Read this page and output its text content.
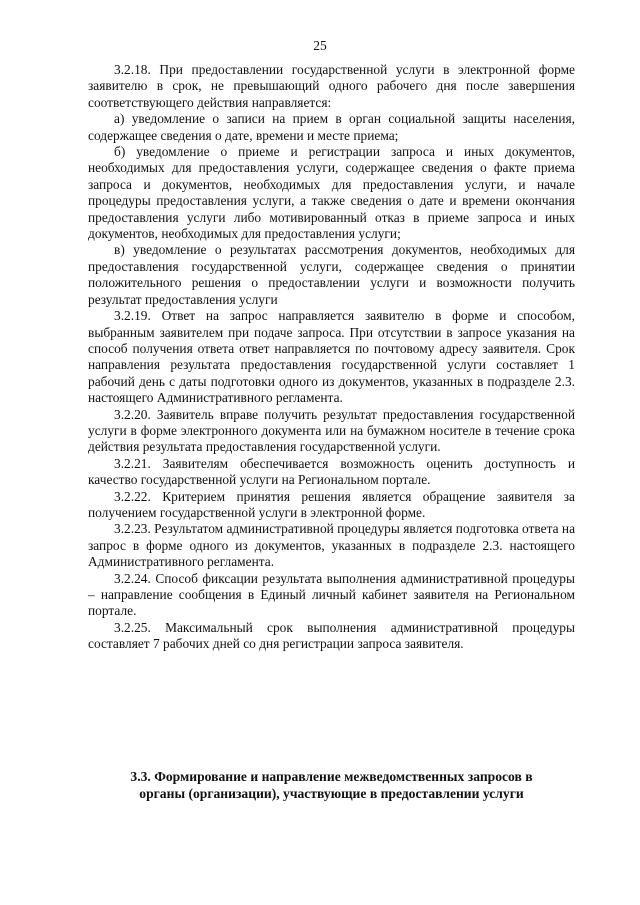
25

3.2.18. При предоставлении государственной услуги в электронной форме заявителю в срок, не превышающий одного рабочего дня после завершения соответствующего действия направляется:

а) уведомление о записи на прием в орган социальной защиты населения, содержащее сведения о дате, времени и месте приема;

б) уведомление о приеме и регистрации запроса и иных документов, необходимых для предоставления услуги, содержащее сведения о факте приема запроса и документов, необходимых для предоставления услуги, и начале процедуры предоставления услуги, а также сведения о дате и времени окончания предоставления услуги либо мотивированный отказ в приеме запроса и иных документов, необходимых для предоставления услуги;

в) уведомление о результатах рассмотрения документов, необходимых для предоставления государственной услуги, содержащее сведения о принятии положительного решения о предоставлении услуги и возможности получить результат предоставления услуги

3.2.19. Ответ на запрос направляется заявителю в форме и способом, выбранным заявителем при подаче запроса. При отсутствии в запросе указания на способ получения ответа ответ направляется по почтовому адресу заявителя. Срок направления результата предоставления государственной услуги составляет 1 рабочий день с даты подготовки одного из документов, указанных в подразделе 2.3. настоящего Административного регламента.

3.2.20. Заявитель вправе получить результат предоставления государственной услуги в форме электронного документа или на бумажном носителе в течение срока действия результата предоставления государственной услуги.

3.2.21. Заявителям обеспечивается возможность оценить доступность и качество государственной услуги на Региональном портале.

3.2.22. Критерием принятия решения является обращение заявителя за получением государственной услуги в электронной форме.

3.2.23. Результатом административной процедуры является подготовка ответа на запрос в форме одного из документов, указанных в подразделе 2.3. настоящего Административного регламента.

3.2.24. Способ фиксации результата выполнения административной процедуры – направление сообщения в Единый личный кабинет заявителя на Региональном портале.

3.2.25. Максимальный срок выполнения административной процедуры составляет 7 рабочих дней со дня регистрации запроса заявителя.

3.3. Формирование и направление межведомственных запросов в
органы (организации), участвующие в предоставлении услуги
